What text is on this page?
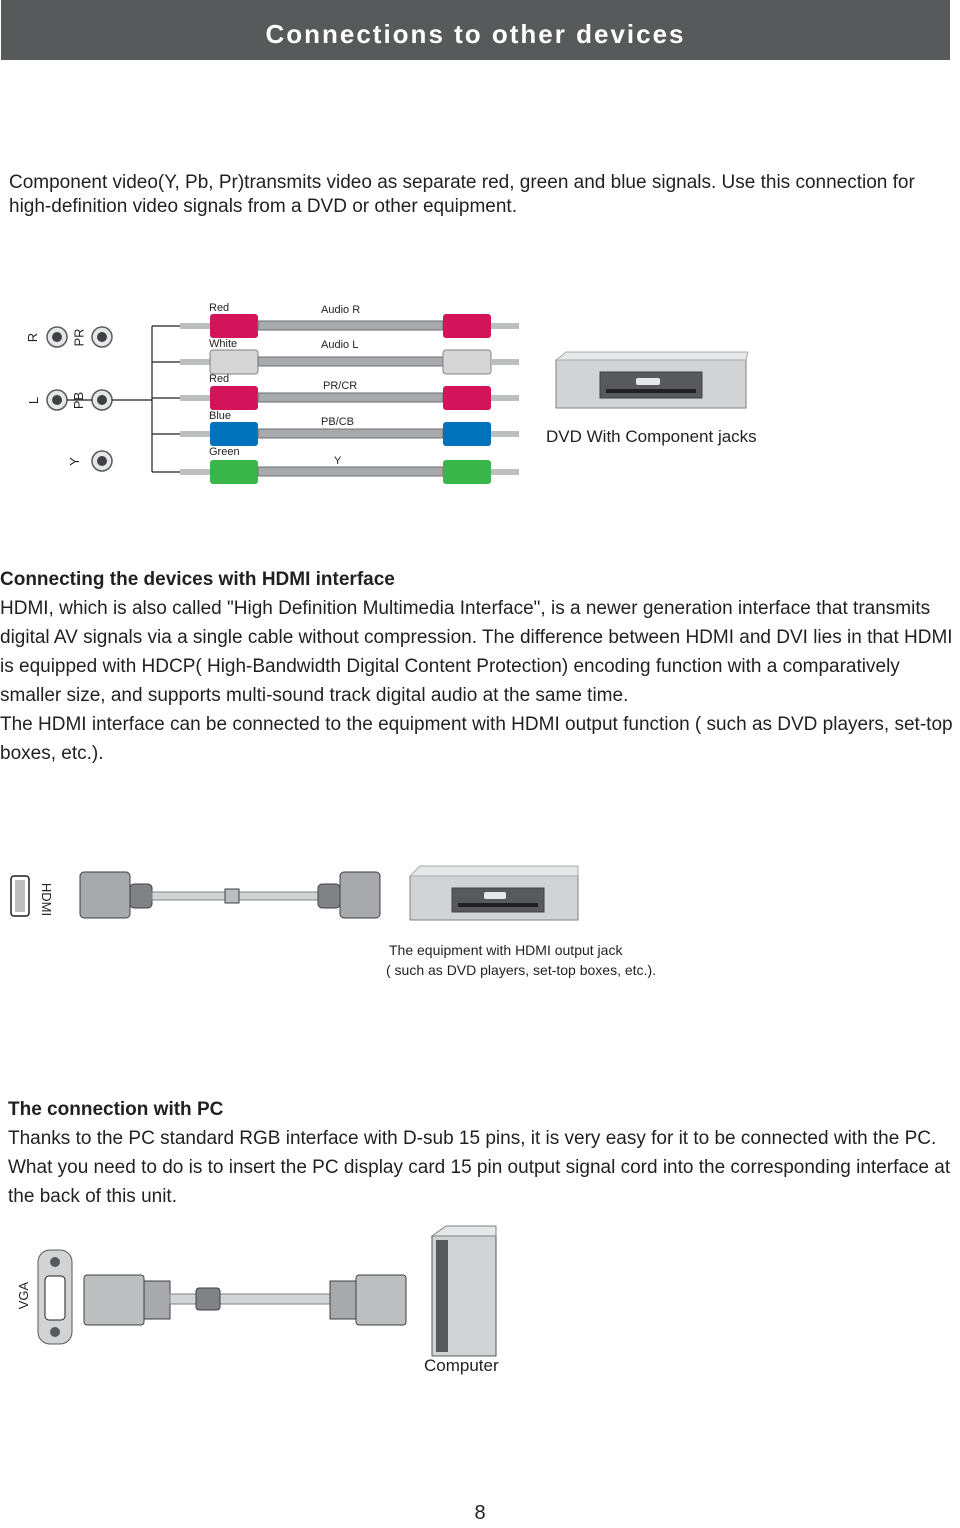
Connections to other devices

Component video(Y, Pb, Pr)transmits video as separate red, green and blue signals. Use this connection for high-definition video signals from a DVD or other equipment.

R PR
L PB
Y
Red
White
Red
Blue
Green
Audio R
Audio L
PR/CR
PB/CB
Y
DVD With Component jacks

Connecting the devices with HDMI interface

HDMI, which is also called "High Definition Multimedia Interface", is a newer generation interface that transmits digital AV signals via a single cable without compression. The difference between HDMI and DVI lies in that HDMI is equipped with HDCP( High-Bandwidth Digital Content Protection) encoding function with a comparatively smaller size, and supports multi-sound track digital audio at the same time.

The HDMI interface can be connected to the equipment with HDMI output function ( such as DVD players, set-top boxes, etc.).

HDMI
The equipment with HDMI output jack
( such as DVD players, set-top boxes, etc.).

The connection with PC

Thanks to the PC standard RGB interface with D-sub 15 pins, it is very easy for it to be connected with the PC. What you need to do is to insert the PC display card 15 pin output signal cord into the corresponding interface at the back of this unit.

VGA
Computer
8
